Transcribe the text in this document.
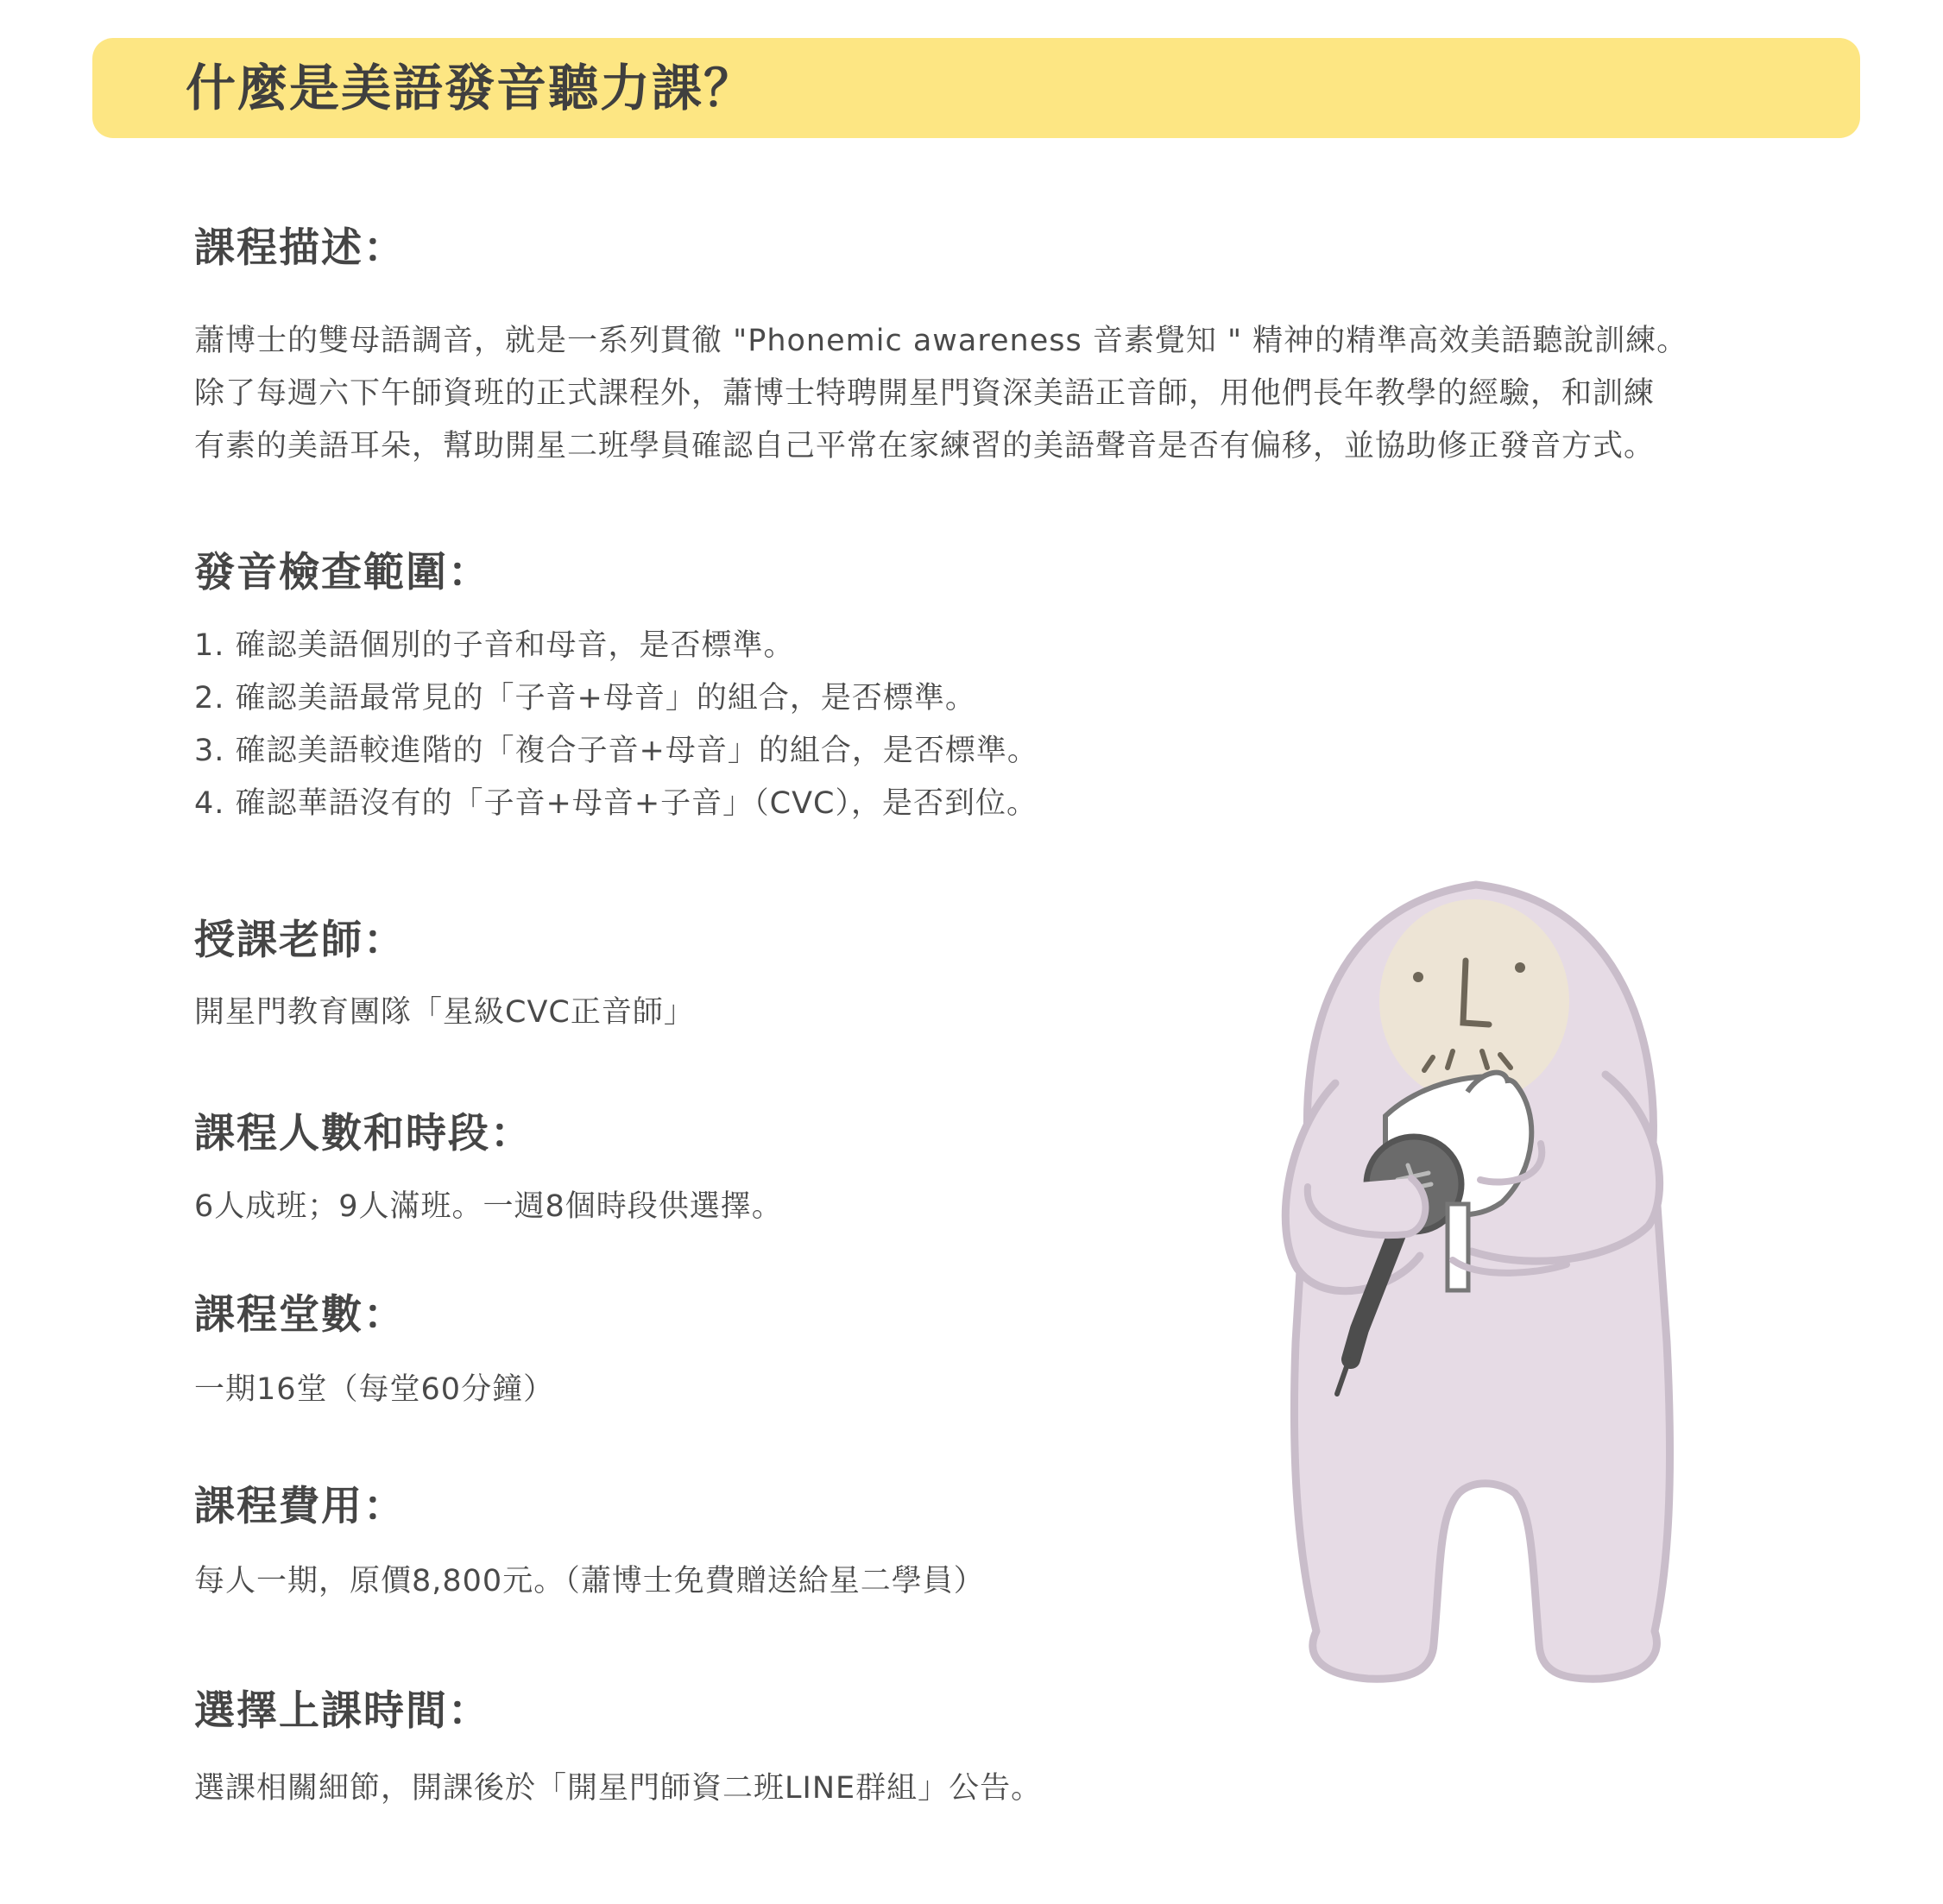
什麼是美語發音聽力課？
課程描述：

蕭博士的雙母語調音，就是一系列貫徹 "Phonemic awareness 音素覺知 " 精神的精準高效美語聽說訓練。

除了每週六下午師資班的正式課程外，蕭博士特聘開星門資深美語正音師，用他們長年教學的經驗，和訓練

有素的美語耳朵，幫助開星二班學員確認自己平常在家練習的美語聲音是否有偏移，並協助修正發音方式。

發音檢查範圍：
1. 確認美語個別的子音和母音，是否標準。
2. 確認美語最常見的「子音+母音」的組合，是否標準。
3. 確認美語較進階的「複合子音+母音」的組合，是否標準。
4. 確認華語沒有的「子音+母音+子音」（CVC），是否到位。
授課老師：

開星門教育團隊「星級CVC正音師」

課程人數和時段：

6人成班；9人滿班。一週8個時段供選擇。

課程堂數：

一期16堂（每堂60分鐘）

課程費用：

每人一期，原價8,800元。（蕭博士免費贈送給星二學員）

選擇上課時間：

選課相關細節，開課後於「開星門師資二班LINE群組」公告。
